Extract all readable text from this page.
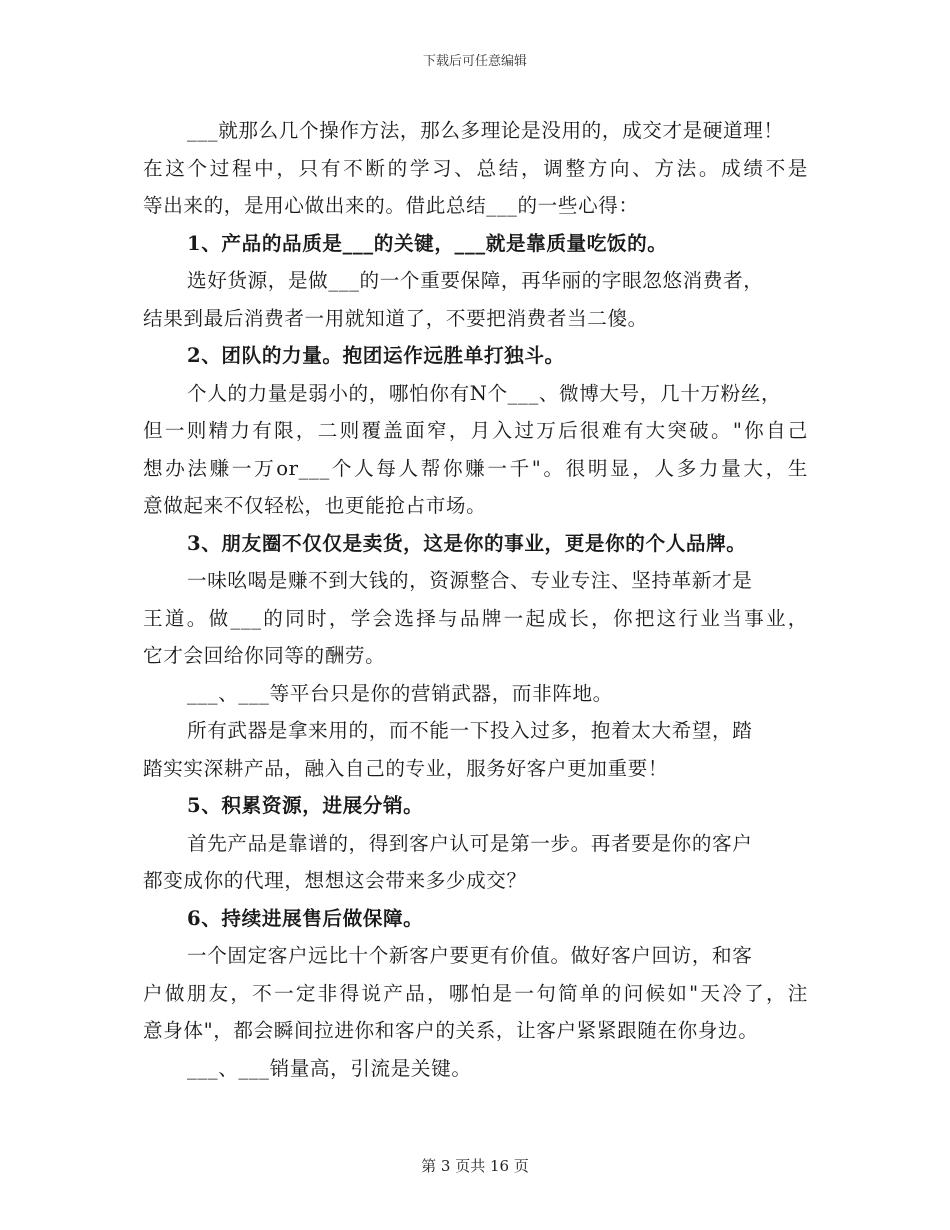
下载后可任意编辑
___就那么几个操作方法，那么多理论是没用的，成交才是硬道理！
在这个过程中，只有不断的学习、总结，调整方向、方法。成绩不是
等出来的，是用心做出来的。借此总结___的一些心得：
1、产品的品质是___的关键，___就是靠质量吃饭的。
选好货源，是做___的一个重要保障，再华丽的字眼忽悠消费者，
结果到最后消费者一用就知道了，不要把消费者当二傻。
2、团队的力量。抱团运作远胜单打独斗。
个人的力量是弱小的，哪怕你有N个___、微博大号，几十万粉丝，
但一则精力有限，二则覆盖面窄，月入过万后很难有大突破。"你自己
想办法赚一万or___个人每人帮你赚一千"。很明显，人多力量大，生
意做起来不仅轻松，也更能抢占市场。
3、朋友圈不仅仅是卖货，这是你的事业，更是你的个人品牌。
一味吆喝是赚不到大钱的，资源整合、专业专注、坚持革新才是
王道。做___的同时，学会选择与品牌一起成长，你把这行业当事业，
它才会回给你同等的酬劳。
___、___等平台只是你的营销武器，而非阵地。
所有武器是拿来用的，而不能一下投入过多，抱着太大希望，踏
踏实实深耕产品，融入自己的专业，服务好客户更加重要！
5、积累资源，进展分销。
首先产品是靠谱的，得到客户认可是第一步。再者要是你的客户
都变成你的代理，想想这会带来多少成交？
6、持续进展售后做保障。
一个固定客户远比十个新客户要更有价值。做好客户回访，和客
户做朋友，不一定非得说产品，哪怕是一句简单的问候如"天冷了，注
意身体"，都会瞬间拉进你和客户的关系，让客户紧紧跟随在你身边。
___、___销量高，引流是关键。
第 3 页共 16 页
